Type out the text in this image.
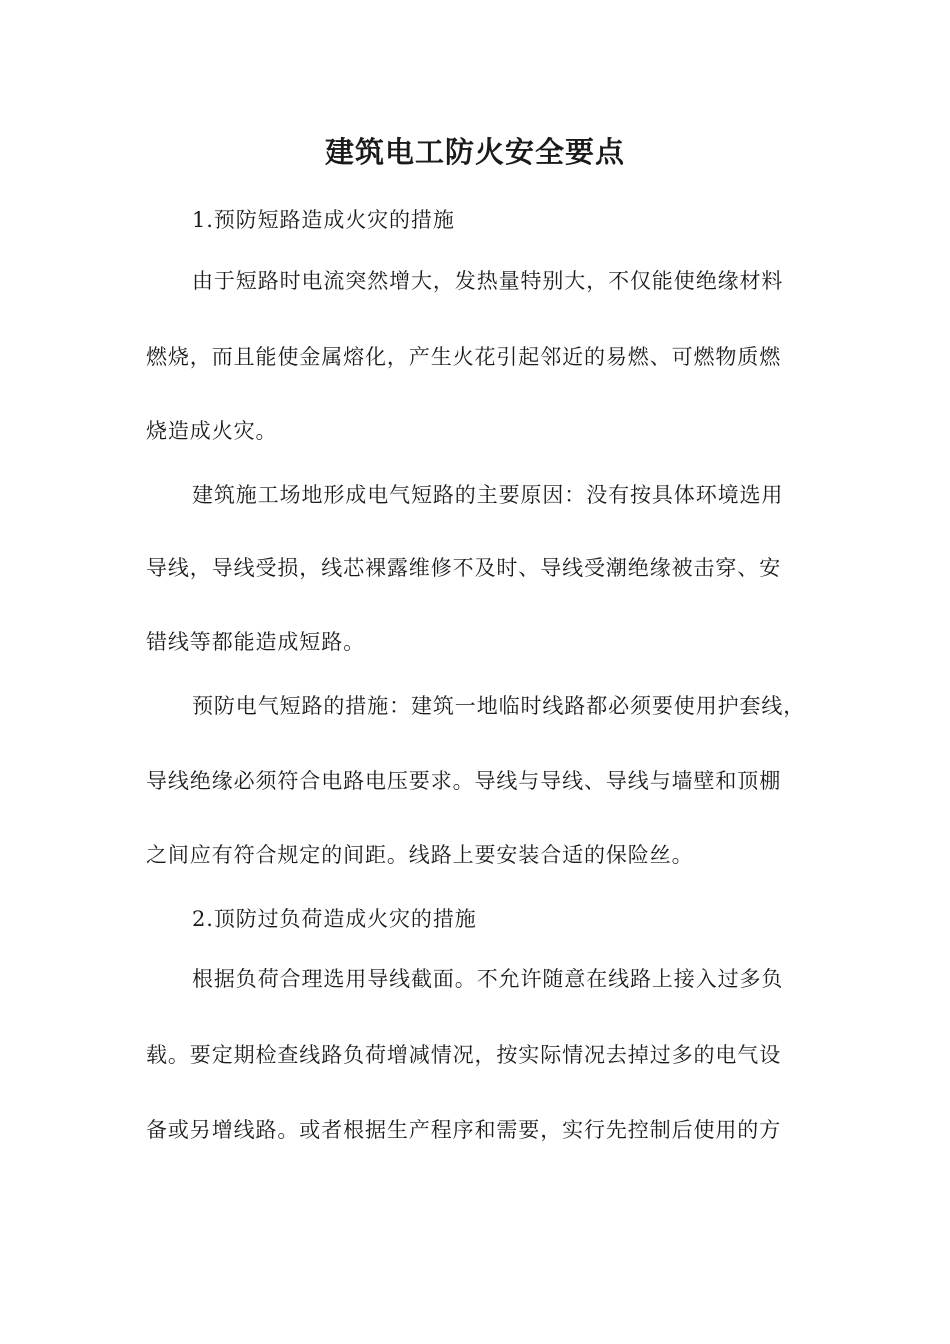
建筑电工防火安全要点
1.预防短路造成火灾的措施
由于短路时电流突然增大，发热量特别大，不仅能使绝缘材料
燃烧，而且能使金属熔化，产生火花引起邻近的易燃、可燃物质燃
烧造成火灾。
建筑施工场地形成电气短路的主要原因：没有按具体环境选用
导线，导线受损，线芯裸露维修不及时、导线受潮绝缘被击穿、安
错线等都能造成短路。
预防电气短路的措施：建筑一地临时线路都必须要使用护套线，
导线绝缘必须符合电路电压要求。导线与导线、导线与墙壁和顶棚
之间应有符合规定的间距。线路上要安装合适的保险丝。
2.顶防过负荷造成火灾的措施
根据负荷合理选用导线截面。不允许随意在线路上接入过多负
载。要定期检查线路负荷增减情况，按实际情况去掉过多的电气设
备或另增线路。或者根据生产程序和需要，实行先控制后使用的方
